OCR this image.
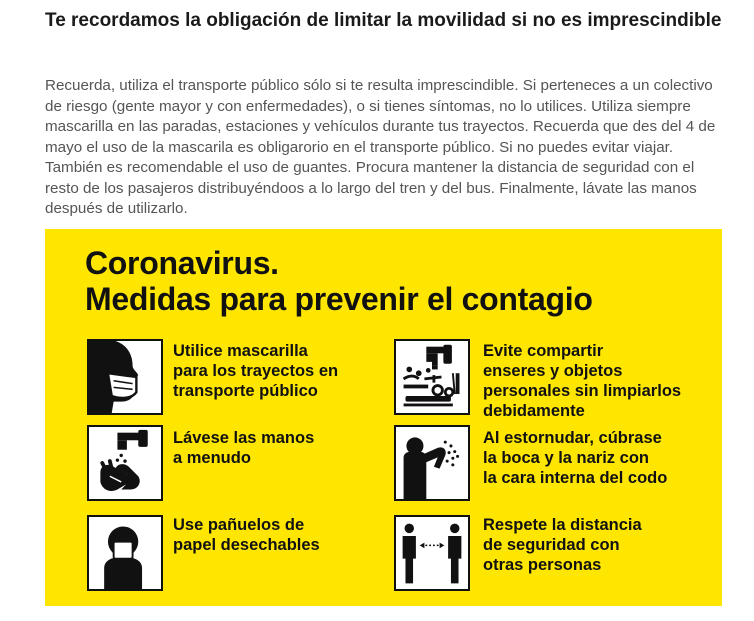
Te recordamos la obligación de limitar la movilidad si no es imprescindible

Recuerda, utiliza el transporte público sólo si te resulta imprescindible. Si perteneces a un colectivo de riesgo (gente mayor y con enfermedades), o si tienes síntomas, no lo utilices. Utiliza siempre mascarilla en las paradas, estaciones y vehículos durante tus trayectos. Recuerda que des del 4 de mayo el uso de la mascarila es obligarorio en el transporte público. Si no puedes evitar viajar. También es recomendable el uso de guantes. Procura mantener la distancia de seguridad con el resto de los pasajeros distribuyéndoos a lo largo del tren y del bus. Finalmente, lávate las manos después de utilizarlo.

Coronavirus.
Medidas para prevenir el contagio
Utilice mascarilla
para los trayectos en
transporte público
Evite compartir
enseres y objetos
personales sin limpiarlos
debidamente
Lávese las manos
a menudo
Al estornudar, cúbrase
la boca y la nariz con
la cara interna del codo
Use pañuelos de
papel desechables
Respete la distancia
de seguridad con
otras personas
